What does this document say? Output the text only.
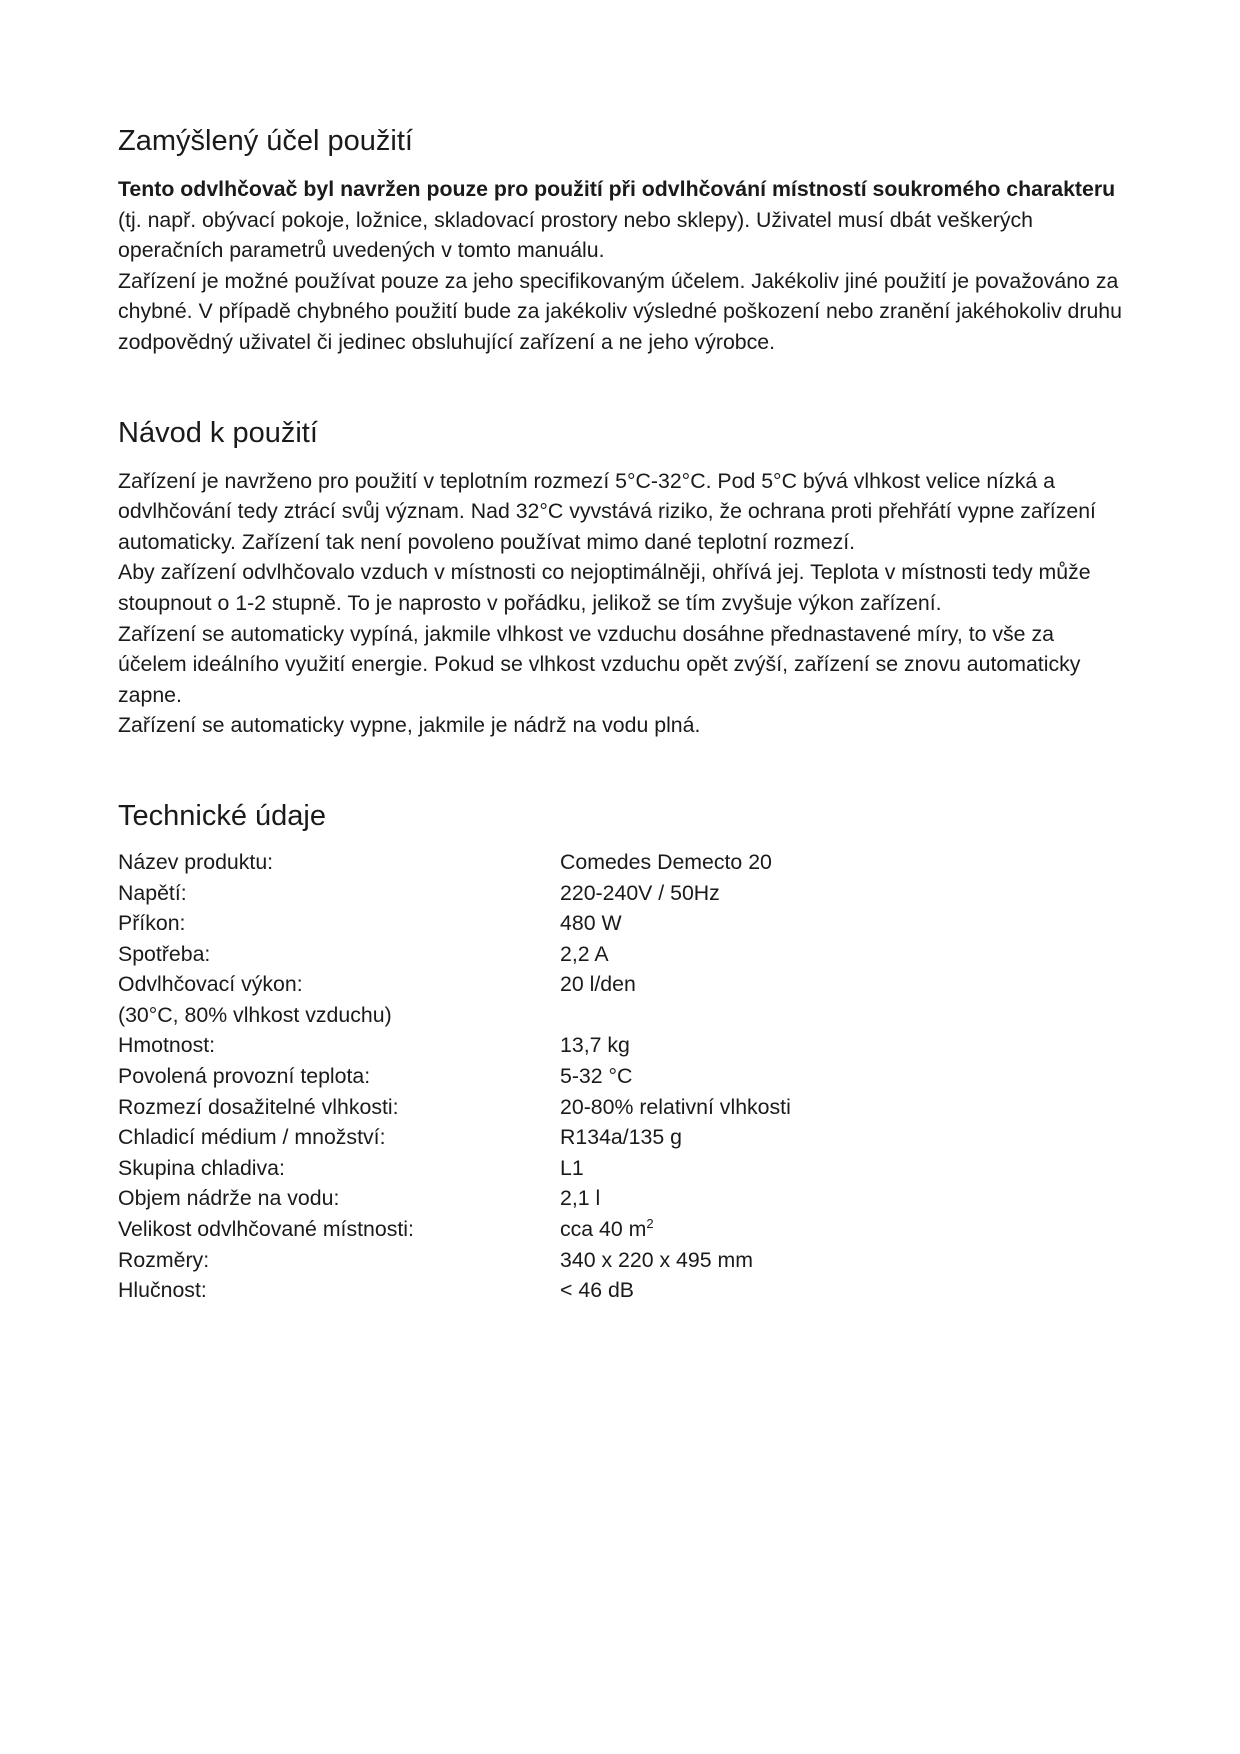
Zamýšlený účel použití

Tento odvlhčovač byl navržen pouze pro použití při odvlhčování místností soukromého charakteru (tj. např. obývací pokoje, ložnice, skladovací prostory nebo sklepy). Uživatel musí dbát veškerých operačních parametrů uvedených v tomto manuálu.

Zařízení je možné používat pouze za jeho specifikovaným účelem. Jakékoliv jiné použití je považováno za chybné. V případě chybného použití bude za jakékoliv výsledné poškození nebo zranění jakéhokoliv druhu zodpovědný uživatel či jedinec obsluhující zařízení a ne jeho výrobce.

Návod k použití

Zařízení je navrženo pro použití v teplotním rozmezí 5°C-32°C. Pod 5°C bývá vlhkost velice nízká a odvlhčování tedy ztrácí svůj význam. Nad 32°C vyvstává riziko, že ochrana proti přehřátí vypne zařízení automaticky. Zařízení tak není povoleno používat mimo dané teplotní rozmezí.

Aby zařízení odvlhčovalo vzduch v místnosti co nejoptimálněji, ohřívá jej. Teplota v místnosti tedy může stoupnout o 1-2 stupně. To je naprosto v pořádku, jelikož se tím zvyšuje výkon zařízení.

Zařízení se automaticky vypíná, jakmile vlhkost ve vzduchu dosáhne přednastavené míry, to vše za účelem ideálního využití energie. Pokud se vlhkost vzduchu opět zvýší, zařízení se znovu automaticky zapne.

Zařízení se automaticky vypne, jakmile je nádrž na vodu plná.

Technické údaje
Název produktu:	Comedes Demecto 20
Napětí:	220-240V / 50Hz
Příkon:	480 W
Spotřeba:	2,2 A
Odvlhčovací výkon:	20 l/den
(30°C, 80% vlhkost vzduchu)	
Hmotnost:	13,7 kg
Povolená provozní teplota:	5-32 °C
Rozmezí dosažitelné vlhkosti:	20-80% relativní vlhkosti
Chladicí médium / množství:	R134a/135 g
Skupina chladiva:	L1
Objem nádrže na vodu:	2,1 l
Velikost odvlhčované místnosti:	cca 40 $m^2$
Rozměry:	340 x 220 x 495 mm
Hlučnost:	< 46 dB
